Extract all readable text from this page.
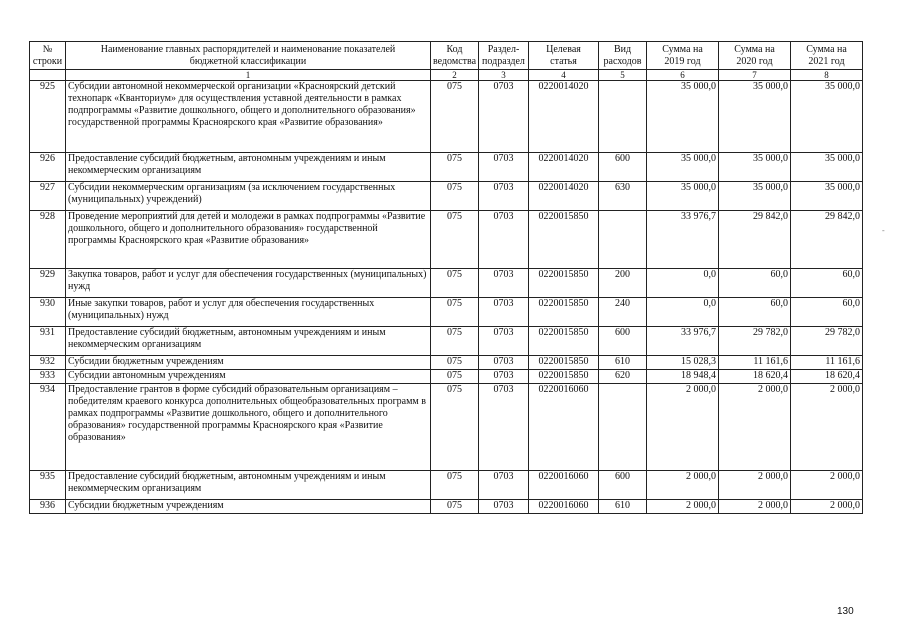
№
строки	Наименование главных распорядителей и наименование показателей бюджетной классификации	Код ведомства	Раздел-подраздел	Целевая статья	Вид расходов	Сумма на 2019 год	Сумма на 2020 год	Сумма на 2021 год
	1	2	3	4	5	6	7	8
925	Субсидии автономной некоммерческой организации «Красноярский детский технопарк «Кванториум» для осуществления уставной деятельности в рамках подпрограммы «Развитие дошкольного, общего и дополнительного образования» государственной программы Красноярского края «Развитие образования»	075	0703	0220014020		35 000,0	35 000,0	35 000,0
926	Предоставление субсидий бюджетным, автономным учреждениям и иным некоммерческим организациям	075	0703	0220014020	600	35 000,0	35 000,0	35 000,0
927	Субсидии некоммерческим организациям (за исключением государственных (муниципальных) учреждений)	075	0703	0220014020	630	35 000,0	35 000,0	35 000,0
928	Проведение мероприятий для детей и молодежи в рамках подпрограммы «Развитие дошкольного, общего и дополнительного образования» государственной программы Красноярского края «Развитие образования»	075	0703	0220015850		33 976,7	29 842,0	29 842,0
929	Закупка товаров, работ и услуг для обеспечения государственных (муниципальных) нужд	075	0703	0220015850	200	0,0	60,0	60,0
930	Иные закупки товаров, работ и услуг для обеспечения государственных (муниципальных) нужд	075	0703	0220015850	240	0,0	60,0	60,0
931	Предоставление субсидий бюджетным, автономным учреждениям и иным некоммерческим организациям	075	0703	0220015850	600	33 976,7	29 782,0	29 782,0
932	Субсидии бюджетным учреждениям	075	0703	0220015850	610	15 028,3	11 161,6	11 161,6
933	Субсидии автономным учреждениям	075	0703	0220015850	620	18 948,4	18 620,4	18 620,4
934	Предоставление грантов в форме субсидий образовательным организациям – победителям краевого конкурса дополнительных общеобразовательных программ в рамках подпрограммы «Развитие дошкольного, общего и дополнительного образования» государственной программы Красноярского края «Развитие образования»	075	0703	0220016060		2 000,0	2 000,0	2 000,0
935	Предоставление субсидий бюджетным, автономным учреждениям и иным некоммерческим организациям	075	0703	0220016060	600	2 000,0	2 000,0	2 000,0
936	Субсидии бюджетным учреждениям	075	0703	0220016060	610	2 000,0	2 000,0	2 000,0
-
130
